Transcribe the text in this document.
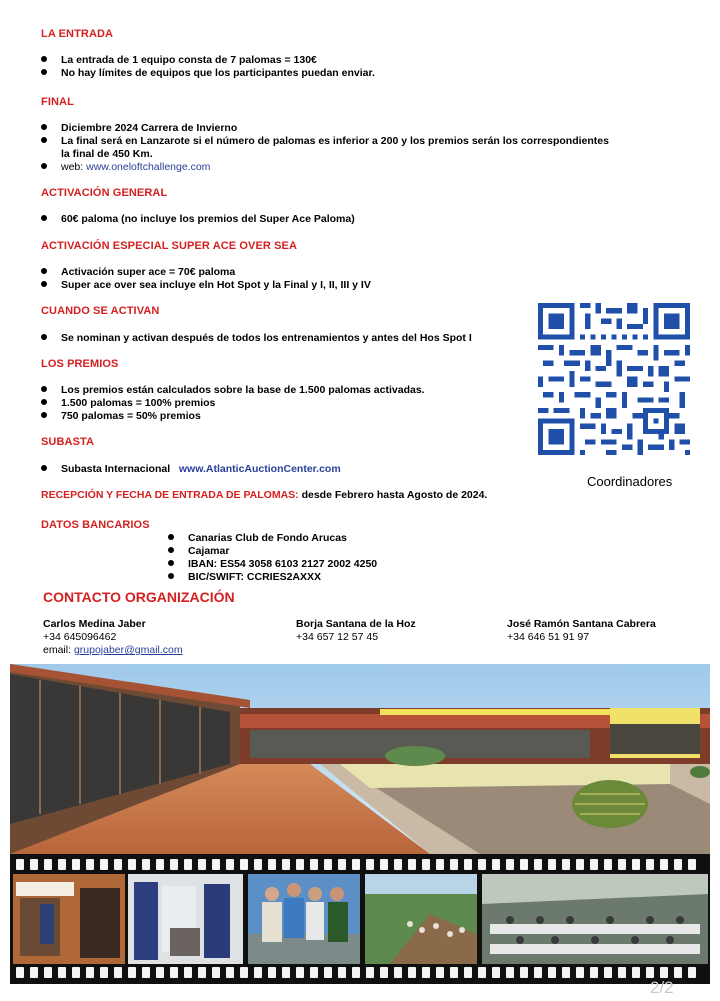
LA ENTRADA
La entrada de 1 equipo consta de 7 palomas = 130€
No hay límites de equipos que los participantes puedan enviar.
FINAL
Diciembre 2024 Carrera de Invierno
La final será en Lanzarote si el número de palomas es inferior a 200 y los premios serán los correspondientes
la final de 450 Km.
web: www.oneloftchallenge.com
ACTIVACIÓN GENERAL
60€ paloma (no incluye los premios del Super Ace Paloma)
ACTIVACIÓN ESPECIAL SUPER ACE OVER SEA
Activación super ace = 70€ paloma
Super ace over sea incluye eln Hot Spot y la Final y I, II, III y IV
CUANDO SE ACTIVAN
Se nominan y activan después de todos los entrenamientos y antes del Hos Spot I
LOS PREMIOS
Los premios están calculados sobre la base de 1.500 palomas activadas.
1.500 palomas = 100% premios
750 palomas = 50% premios
SUBASTA
Subasta Internacional www.AtlanticAuctionCenter.com
RECEPCIÓN Y FECHA DE ENTRADA DE PALOMAS: desde Febrero hasta Agosto de 2024.
DATOS BANCARIOS
Canarias Club de Fondo Arucas
Cajamar
IBAN: ES54 3058 6103 2127 2002 4250
BIC/SWIFT: CCRIES2AXXX
Coordinadores
CONTACTO ORGANIZACIÓN
Carlos Medina Jaber
+34 645096462
email: grupojaber@gmail.com
Borja Santana de la Hoz
+34 657 12 57 45
José Ramón Santana Cabrera
+34 646 51 91 97
2/2
